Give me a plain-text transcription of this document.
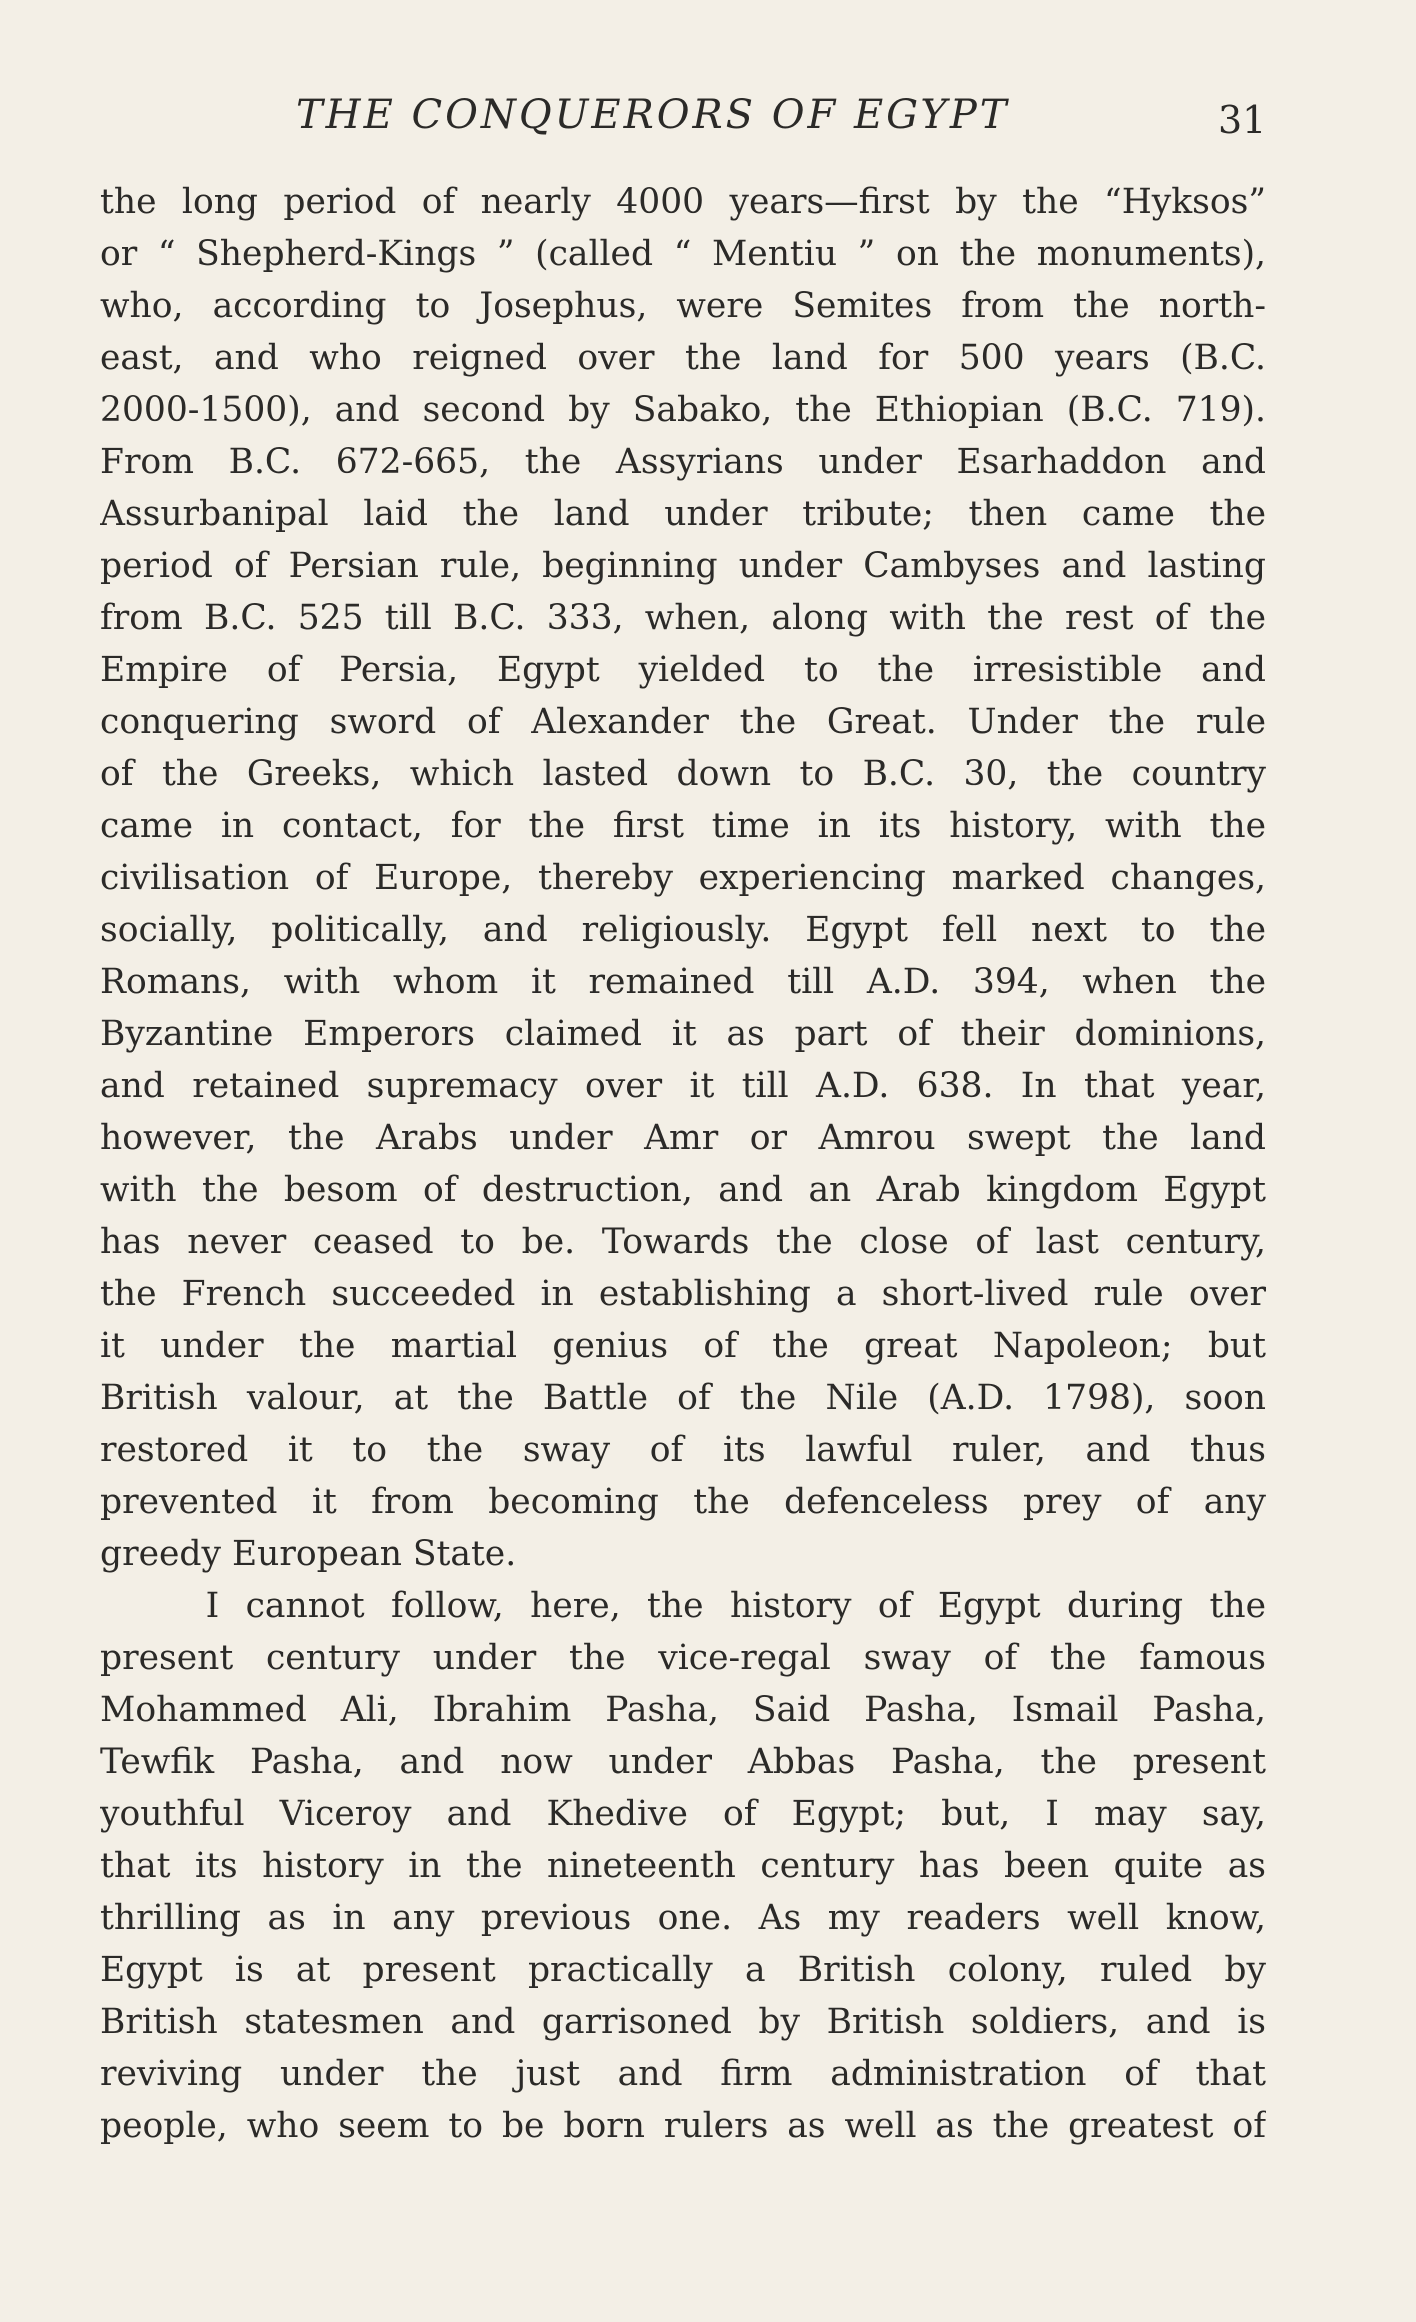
THE CONQUERORS OF EGYPT	31
the long period of nearly 4000 years—first by the “Hyksos”
or “ Shepherd-Kings ” (called “ Mentiu ” on the monuments),
who, according to Josephus, were Semites from the north-
east, and who reigned over the land for 500 years (B.C.
2000-1500), and second by Sabako, the Ethiopian (B.C. 719).
From B.C. 672-665, the Assyrians under Esarhaddon and
Assurbanipal laid the land under tribute; then came the
period of Persian rule, beginning under Cambyses and lasting
from B.C. 525 till B.C. 333, when, along with the rest of the
Empire of Persia, Egypt yielded to the irresistible and
conquering sword of Alexander the Great. Under the rule
of the Greeks, which lasted down to B.C. 30, the country
came in contact, for the first time in its history, with the
civilisation of Europe, thereby experiencing marked changes,
socially, politically, and religiously. Egypt fell next to the
Romans, with whom it remained till A.D. 394, when the
Byzantine Emperors claimed it as part of their dominions,
and retained supremacy over it till A.D. 638. In that year,
however, the Arabs under Amr or Amrou swept the land
with the besom of destruction, and an Arab kingdom Egypt
has never ceased to be. Towards the close of last century,
the French succeeded in establishing a short-lived rule over
it under the martial genius of the great Napoleon; but
British valour, at the Battle of the Nile (A.D. 1798), soon
restored it to the sway of its lawful ruler, and thus
prevented it from becoming the defenceless prey of any
greedy European State.
I cannot follow, here, the history of Egypt during the
present century under the vice-regal sway of the famous
Mohammed Ali, Ibrahim Pasha, Said Pasha, Ismail Pasha,
Tewfik Pasha, and now under Abbas Pasha, the present
youthful Viceroy and Khedive of Egypt; but, I may say,
that its history in the nineteenth century has been quite as
thrilling as in any previous one. As my readers well know,
Egypt is at present practically a British colony, ruled by
British statesmen and garrisoned by British soldiers, and is
reviving under the just and firm administration of that
people, who seem to be born rulers as well as the greatest of
